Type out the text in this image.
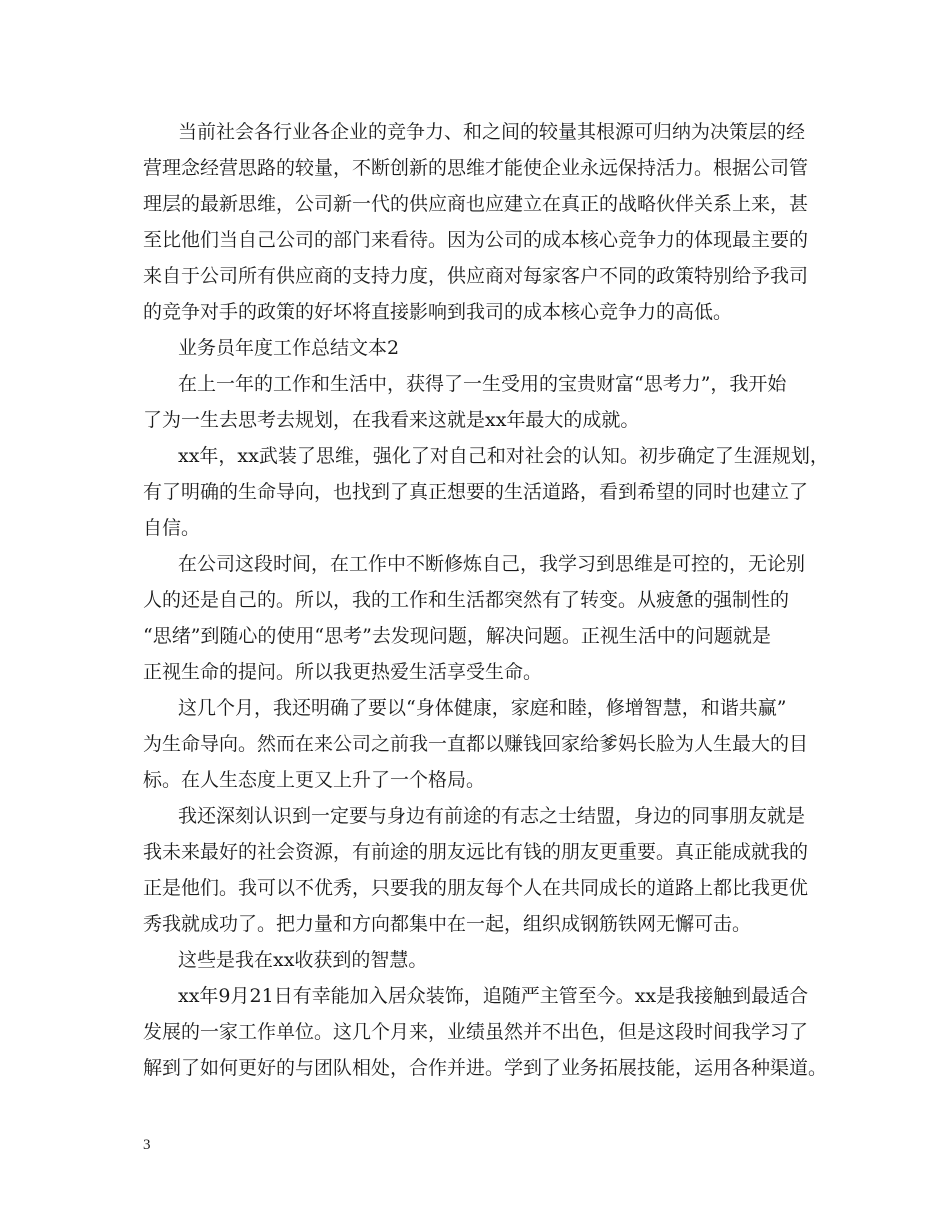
当前社会各行业各企业的竞争力、和之间的较量其根源可归纳为决策层的经
营理念经营思路的较量，不断创新的思维才能使企业永远保持活力。根据公司管
理层的最新思维，公司新一代的供应商也应建立在真正的战略伙伴关系上来，甚
至比他们当自己公司的部门来看待。因为公司的成本核心竞争力的体现最主要的
来自于公司所有供应商的支持力度，供应商对每家客户不同的政策特别给予我司
的竞争对手的政策的好坏将直接影响到我司的成本核心竞争力的高低。
业务员年度工作总结文本2
在上一年的工作和生活中，获得了一生受用的宝贵财富“思考力”，我开始
了为一生去思考去规划，在我看来这就是xx年最大的成就。
xx年，xx武装了思维，强化了对自己和对社会的认知。初步确定了生涯规划，
有了明确的生命导向，也找到了真正想要的生活道路，看到希望的同时也建立了
自信。
在公司这段时间，在工作中不断修炼自己，我学习到思维是可控的，无论别
人的还是自己的。所以，我的工作和生活都突然有了转变。从疲惫的强制性的
“思绪”到随心的使用“思考”去发现问题，解决问题。正视生活中的问题就是
正视生命的提问。所以我更热爱生活享受生命。
这几个月，我还明确了要以“身体健康，家庭和睦，修增智慧，和谐共赢”
为生命导向。然而在来公司之前我一直都以赚钱回家给爹妈长脸为人生最大的目
标。在人生态度上更又上升了一个格局。
我还深刻认识到一定要与身边有前途的有志之士结盟，身边的同事朋友就是
我未来最好的社会资源，有前途的朋友远比有钱的朋友更重要。真正能成就我的
正是他们。我可以不优秀，只要我的朋友每个人在共同成长的道路上都比我更优
秀我就成功了。把力量和方向都集中在一起，组织成钢筋铁网无懈可击。
这些是我在xx收获到的智慧。
xx年9月21日有幸能加入居众装饰，追随严主管至今。xx是我接触到最适合
发展的一家工作单位。这几个月来，业绩虽然并不出色，但是这段时间我学习了
解到了如何更好的与团队相处，合作并进。学到了业务拓展技能，运用各种渠道。
3
